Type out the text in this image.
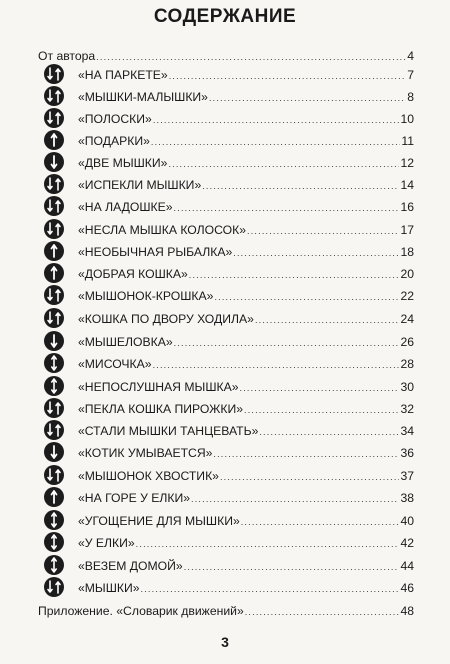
СОДЕРЖАНИЕ
От автора .....	4
«НА ПАРКЕТЕ» .....	7
«МЫШКИ-МАЛЫШКИ» .....	8
«ПОЛОСКИ» .....	10
«ПОДАРКИ» .....	11
«ДВЕ МЫШКИ» .....	12
«ИСПЕКЛИ МЫШКИ» .....	14
«НА ЛАДОШКЕ» .....	16
«НЕСЛА МЫШКА КОЛОСОК» .....	17
«НЕОБЫЧНАЯ РЫБАЛКА» .....	18
«ДОБРАЯ КОШКА» .....	20
«МЫШОНОК-КРОШКА» .....	22
«КОШКА ПО ДВОРУ ХОДИЛА» .....	24
«МЫШЕЛОВКА» .....	26
«МИСОЧКА» .....	28
«НЕПОСЛУШНАЯ МЫШКА» .....	30
«ПЕКЛА КОШКА ПИРОЖКИ» .....	32
«СТАЛИ МЫШКИ ТАНЦЕВАТЬ» .....	34
«КОТИК УМЫВАЕТСЯ» .....	36
«МЫШОНОК ХВОСТИК» .....	37
«НА ГОРЕ У ЕЛКИ» .....	38
«УГОЩЕНИЕ ДЛЯ МЫШКИ» .....	40
«У ЕЛКИ» .....	42
«ВЕЗЕМ ДОМОЙ» .....	44
«МЫШКИ» .....	46
Приложение. «Словарик движений» .....	48
3
